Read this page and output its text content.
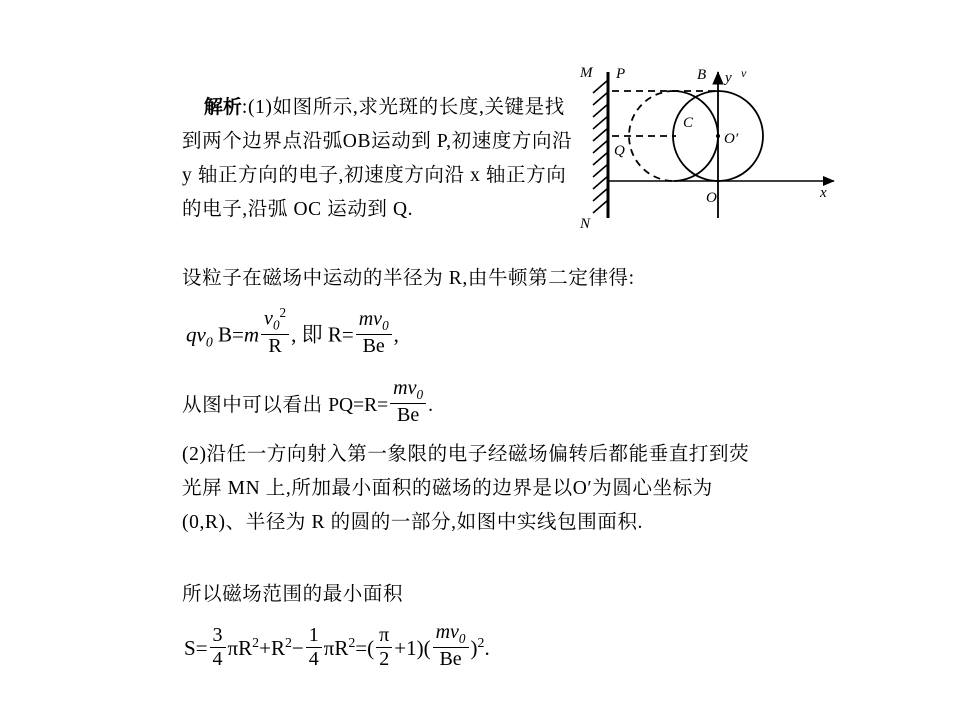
解析:(1)如图所示,求光斑的长度,关键是找到两个边界点沿弧OB运动到 P,初速度方向沿 y 轴正方向的电子,初速度方向沿 x 轴正方向的电子,沿弧 OC 运动到 Q.

设粒子在磁场中运动的半径为 R,由牛顿第二定律得:
$qv_0$ $B=m \frac{v_0^2}{R}$ , 即 $R= \frac{mv_0}{Be}$ ,
从图中可以看出 $PQ=R= \frac{mv_0}{Be}$ .
(2)沿任一方向射入第一象限的电子经磁场偏转后都能垂直打到荧光屏 MN 上,所加最小面积的磁场的边界是以O′为圆心坐标为(0,R)、半径为 R 的圆的一部分,如图中实线包围面积.
所以磁场范围的最小面积
$S= \frac{3}{4} \pi R^2+R^2- \frac{1}{4} \pi R^2=( \frac{\pi}{2} +1)( \frac{mv_0}{Be} )^2$.
M
N
P
Q
B
C
O
O′
x
y v
